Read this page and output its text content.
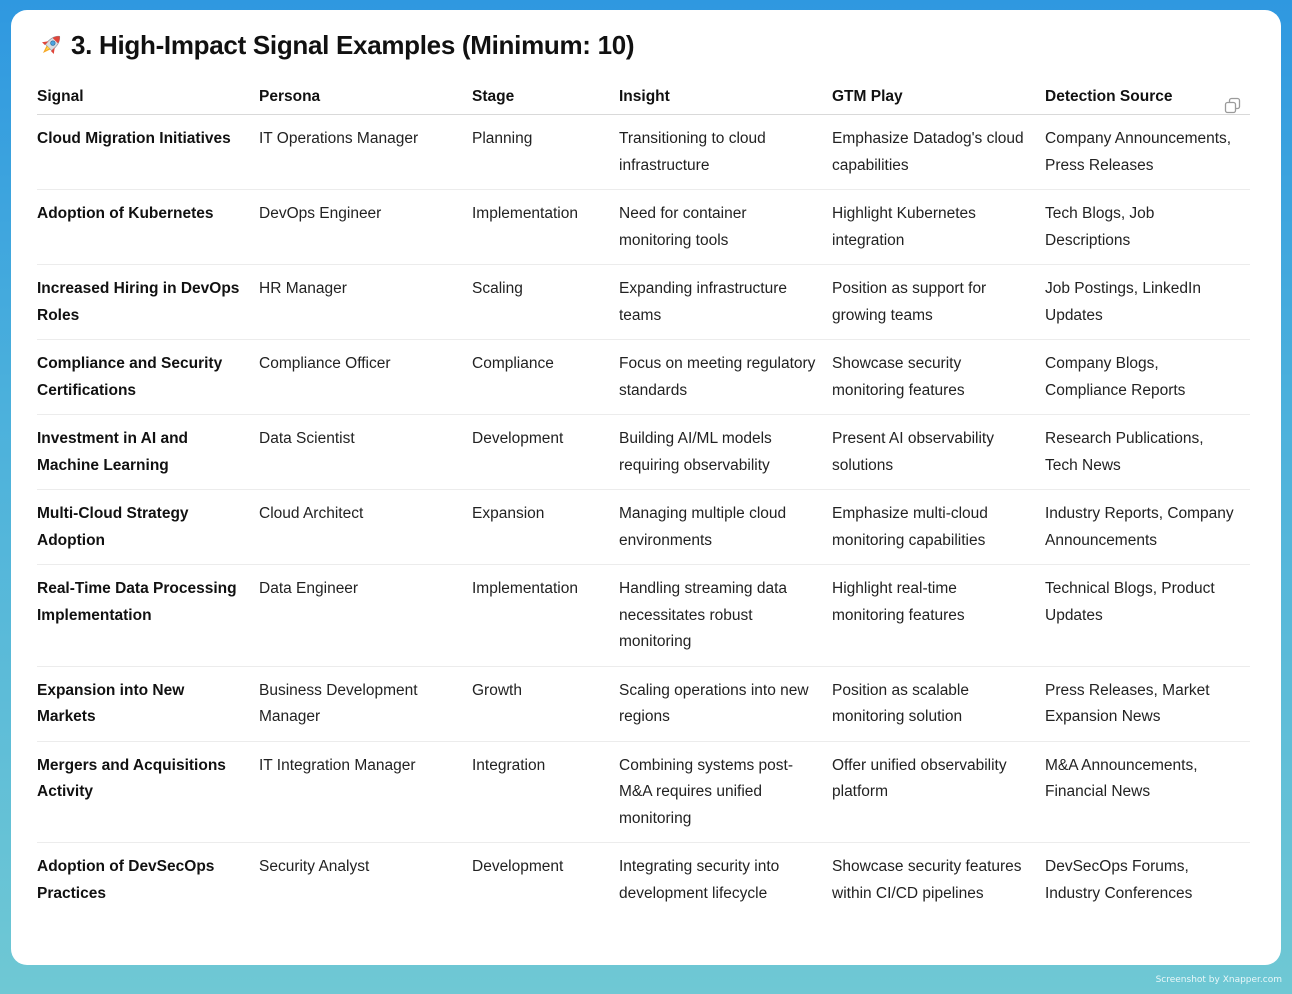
3. High-Impact Signal Examples (Minimum: 10)
Signal	Persona	Stage	Insight	GTM Play	Detection Source
Cloud Migration Initiatives	IT Operations Manager	Planning	Transitioning to cloud infrastructure	Emphasize Datadog's cloud capabilities	Company Announcements, Press Releases
Adoption of Kubernetes	DevOps Engineer	Implementation	Need for container monitoring tools	Highlight Kubernetes integration	Tech Blogs, Job Descriptions
Increased Hiring in DevOps Roles	HR Manager	Scaling	Expanding infrastructure teams	Position as support for growing teams	Job Postings, LinkedIn Updates
Compliance and Security Certifications	Compliance Officer	Compliance	Focus on meeting regulatory standards	Showcase security monitoring features	Company Blogs, Compliance Reports
Investment in AI and Machine Learning	Data Scientist	Development	Building AI/ML models requiring observability	Present AI observability solutions	Research Publications, Tech News
Multi-Cloud Strategy Adoption	Cloud Architect	Expansion	Managing multiple cloud environments	Emphasize multi-cloud monitoring capabilities	Industry Reports, Company Announcements
Real-Time Data Processing Implementation	Data Engineer	Implementation	Handling streaming data necessitates robust monitoring	Highlight real-time monitoring features	Technical Blogs, Product Updates
Expansion into New Markets	Business Development Manager	Growth	Scaling operations into new regions	Position as scalable monitoring solution	Press Releases, Market Expansion News
Mergers and Acquisitions Activity	IT Integration Manager	Integration	Combining systems post-M&A requires unified monitoring	Offer unified observability platform	M&A Announcements, Financial News
Adoption of DevSecOps Practices	Security Analyst	Development	Integrating security into development lifecycle	Showcase security features within CI/CD pipelines	DevSecOps Forums, Industry Conferences
Screenshot by Xnapper.com
